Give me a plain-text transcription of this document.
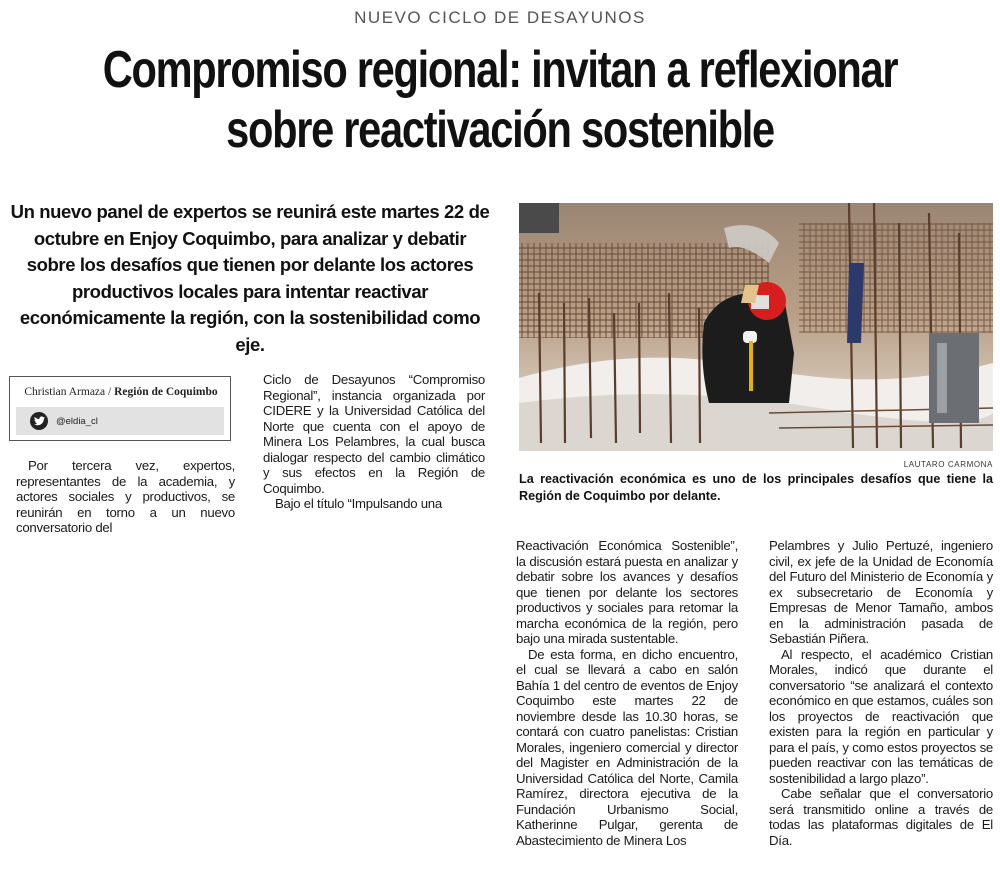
NUEVO CICLO DE DESAYUNOS
Compromiso regional: invitan a reflexionar
sobre reactivación sostenible
Un nuevo panel de expertos se reunirá este martes 22 de octubre en Enjoy Coquimbo, para analizar y debatir sobre los desafíos que tienen por delante los actores productivos locales para intentar reactivar económicamente la región, con la sostenibilidad como eje.
LAUTARO CARMONA
La reactivación económica es uno de los principales desafíos que tiene la Región de Coquimbo por delante.
Christian Armaza / Región de Coquimbo
@eldia_cl

Por tercera vez, expertos, representantes de la academia, y actores sociales y productivos, se reunirán en torno a un nuevo conversatorio del

Ciclo de Desayunos “Compromiso Regional”, instancia organizada por CIDERE y la Universidad Católica del Norte que cuenta con el apoyo de Minera Los Pelambres, la cual busca dialogar respecto del cambio climático y sus efectos en la Región de Coquimbo.

Bajo el título “Impulsando una

Reactivación Económica Sostenible”, la discusión estará puesta en analizar y debatir sobre los avances y desafíos que tienen por delante los sectores productivos y sociales para retomar la marcha económica de la región, pero bajo una mirada sustentable.

De esta forma, en dicho encuentro, el cual se llevará a cabo en salón Bahía 1 del centro de eventos de Enjoy Coquimbo este martes 22 de noviembre desde las 10.30 horas, se contará con cuatro panelistas: Cristian Morales, ingeniero comercial y director del Magister en Administración de la Universidad Católica del Norte, Camila Ramírez, directora ejecutiva de la Fundación Urbanismo Social, Katherinne Pulgar, gerenta de Abastecimiento de Minera Los

Pelambres y Julio Pertuzé, ingeniero civil, ex jefe de la Unidad de Economía del Futuro del Ministerio de Economía y ex subsecretario de Economía y Empresas de Menor Tamaño, ambos en la administración pasada de Sebastián Piñera.

Al respecto, el académico Cristian Morales, indicó que durante el conversatorio “se analizará el contexto económico en que estamos, cuáles son los proyectos de reactivación que existen para la región en particular y para el país, y como estos proyectos se pueden reactivar con las temáticas de sostenibilidad a largo plazo”.

Cabe señalar que el conversatorio será transmitido online a través de todas las plataformas digitales de El Día.
